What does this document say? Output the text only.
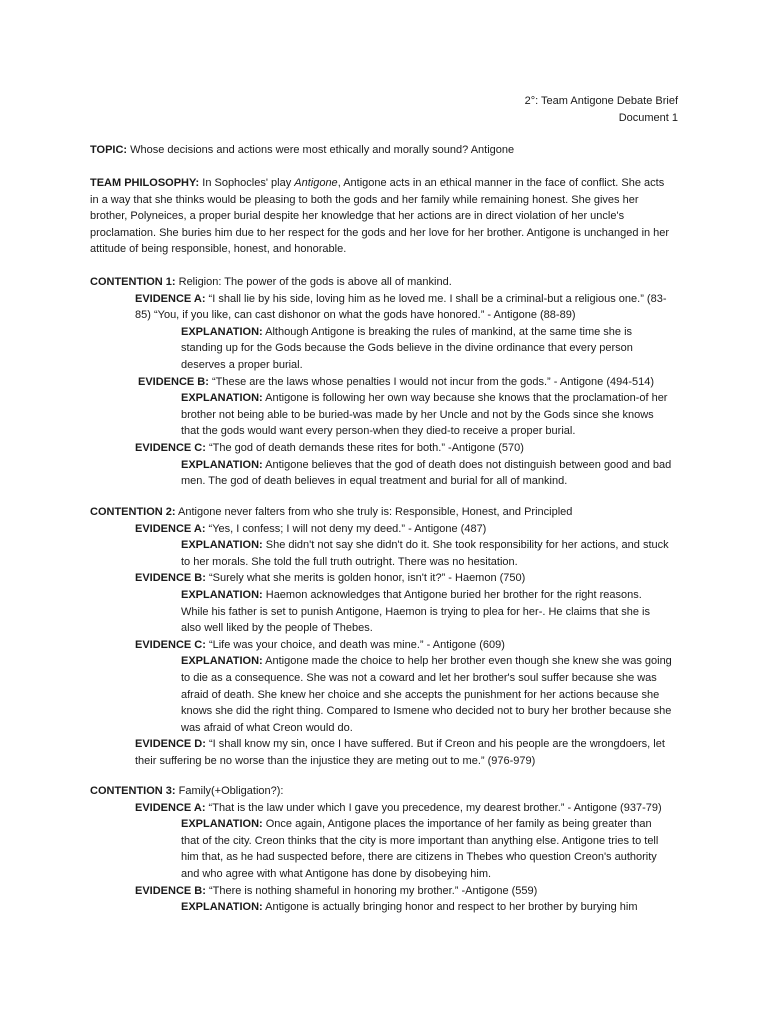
2°: Team Antigone Debate Brief
Document 1
TOPIC: Whose decisions and actions were most ethically and morally sound? Antigone
TEAM PHILOSOPHY: In Sophocles' play Antigone, Antigone acts in an ethical manner in the face of conflict. She acts in a way that she thinks would be pleasing to both the gods and her family while remaining honest. She gives her brother, Polyneices, a proper burial despite her knowledge that her actions are in direct violation of her uncle's proclamation. She buries him due to her respect for the gods and her love for her brother. Antigone is unchanged in her attitude of being responsible, honest, and honorable.
CONTENTION 1: Religion: The power of the gods is above all of mankind.
EVIDENCE A: “I shall lie by his side, loving him as he loved me. I shall be a criminal-but a religious one.” (83-85) “You, if you like, can cast dishonor on what the gods have honored.” - Antigone (88-89)
EXPLANATION: Although Antigone is breaking the rules of mankind, at the same time she is standing up for the Gods because the Gods believe in the divine ordinance that every person deserves a proper burial.
EVIDENCE B: “These are the laws whose penalties I would not incur from the gods.” - Antigone (494-514)
EXPLANATION: Antigone is following her own way because she knows that the proclamation-of her brother not being able to be buried-was made by her Uncle and not by the Gods since she knows that the gods would want every person-when they died-to receive a proper burial.
EVIDENCE C: “The god of death demands these rites for both.” -Antigone (570)
EXPLANATION: Antigone believes that the god of death does not distinguish between good and bad men. The god of death believes in equal treatment and burial for all of mankind.
CONTENTION 2: Antigone never falters from who she truly is: Responsible, Honest, and Principled
EVIDENCE A: “Yes, I confess; I will not deny my deed.” - Antigone (487)
EXPLANATION: She didn't not say she didn't do it. She took responsibility for her actions, and stuck to her morals. She told the full truth outright. There was no hesitation.
EVIDENCE B: “Surely what she merits is golden honor, isn't it?” - Haemon (750)
EXPLANATION: Haemon acknowledges that Antigone buried her brother for the right reasons. While his father is set to punish Antigone, Haemon is trying to plea for her-. He claims that she is also well liked by the people of Thebes.
EVIDENCE C: “Life was your choice, and death was mine.” - Antigone (609)
EXPLANATION: Antigone made the choice to help her brother even though she knew she was going to die as a consequence. She was not a coward and let her brother's soul suffer because she was afraid of death. She knew her choice and she accepts the punishment for her actions because she knows she did the right thing. Compared to Ismene who decided not to bury her brother because she was afraid of what Creon would do.
EVIDENCE D: “I shall know my sin, once I have suffered. But if Creon and his people are the wrongdoers, let their suffering be no worse than the injustice they are meting out to me.” (976-979)
CONTENTION 3: Family(+Obligation?):
EVIDENCE A: “That is the law under which I gave you precedence, my dearest brother.” - Antigone (937-79)
EXPLANATION: Once again, Antigone places the importance of her family as being greater than that of the city. Creon thinks that the city is more important than anything else. Antigone tries to tell him that, as he had suspected before, there are citizens in Thebes who question Creon's authority and who agree with what Antigone has done by disobeying him.
EVIDENCE B: “There is nothing shameful in honoring my brother.” -Antigone (559)
EXPLANATION: Antigone is actually bringing honor and respect to her brother by burying him
